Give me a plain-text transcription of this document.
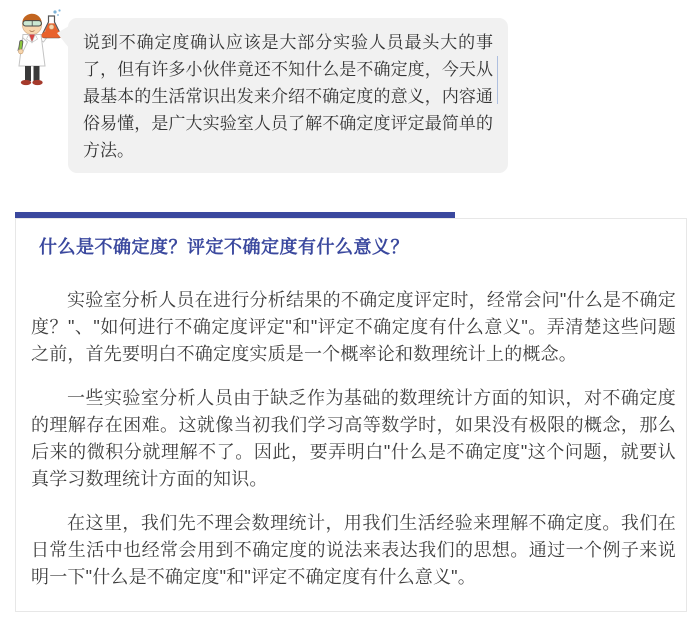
说到不确定度确认应该是大部分实验人员最头大的事了，但有许多小伙伴竟还不知什么是不确定度，今天从最基本的生活常识出发来介绍不确定度的意义，内容通俗易懂，是广大实验室人员了解不确定度评定最简单的方法。

什么是不确定度？评定不确定度有什么意义？

实验室分析人员在进行分析结果的不确定度评定时，经常会问"什么是不确定度？"、"如何进行不确定度评定"和"评定不确定度有什么意义"。弄清楚这些问题之前，首先要明白不确定度实质是一个概率论和数理统计上的概念。

一些实验室分析人员由于缺乏作为基础的数理统计方面的知识，对不确定度的理解存在困难。这就像当初我们学习高等数学时，如果没有极限的概念，那么后来的微积分就理解不了。因此，要弄明白"什么是不确定度"这个问题，就要认真学习数理统计方面的知识。

在这里，我们先不理会数理统计，用我们生活经验来理解不确定度。我们在日常生活中也经常会用到不确定度的说法来表达我们的思想。通过一个例子来说明一下"什么是不确定度"和"评定不确定度有什么意义"。
